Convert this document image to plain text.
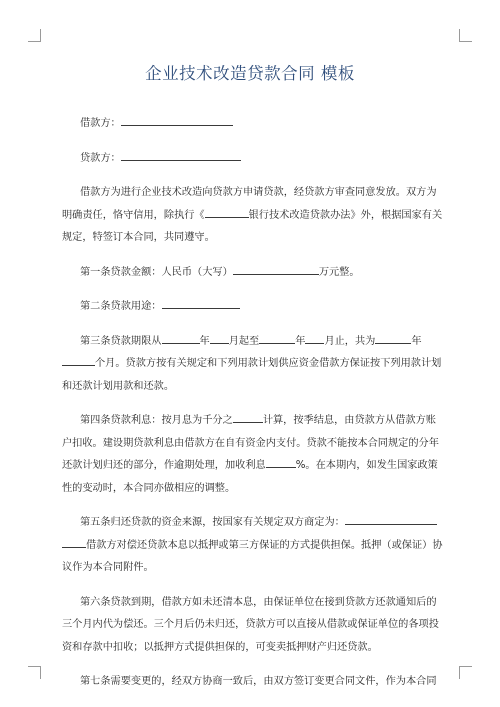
企业技术改造贷款合同 模板
借款方：
贷款方：
借款方为进行企业技术改造向贷款方申请贷款，经贷款方审查同意发放。双方为
明确责任，恪守信用，除执行《	银行技术改造贷款办法》外，根据国家有关
规定，特签订本合同，共同遵守。
第一条贷款金额：人民币（大写）	万元整。
第二条贷款用途：
第三条贷款期限从	年 月起至	年 月止，共为	年
个月。贷款方按有关规定和下列用款计划供应资金借款方保证按下列用款计划
和还款计划用款和还款。
第四条贷款利息：按月息为千分之	计算，按季结息，由贷款方从借款方账
户扣收。建设期贷款利息由借款方在自有资金内支付。贷款不能按本合同规定的分年
还款计划归还的部分，作逾期处理，加收利息	%。在本期内，如发生国家政策
性的变动时，本合同亦做相应的调整。
第五条归还贷款的资金来源，按国家有关规定双方商定为：
借款方对偿还贷款本息以抵押或第三方保证的方式提供担保。抵押（或保证）协
议作为本合同附件。
第六条贷款到期，借款方如未还清本息，由保证单位在接到贷款方还款通知后的
三个月内代为偿还。三个月后仍未归还，贷款方可以直接从借款或保证单位的各项投
资和存款中扣收；以抵押方式提供担保的，可变卖抵押财产归还贷款。
第七条需要变更的，经双方协商一致后，由双方签订变更合同文件，作为本合同
